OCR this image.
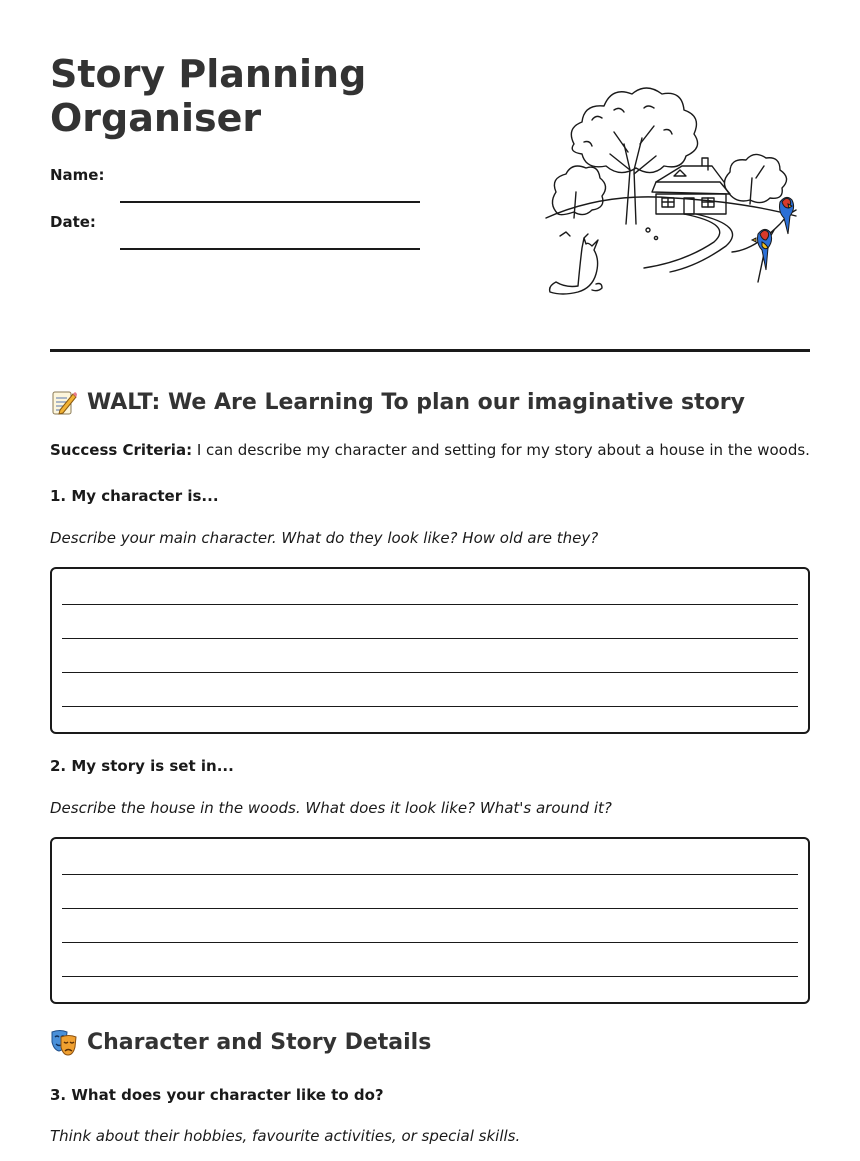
Story Planning Organiser
Name:
Date:
WALT: We Are Learning To plan our imaginative story
Success Criteria: I can describe my character and setting for my story about a house in the woods.
1. My character is...
Describe your main character. What do they look like? How old are they?
2. My story is set in...
Describe the house in the woods. What does it look like? What's around it?
Character and Story Details
3. What does your character like to do?
Think about their hobbies, favourite activities, or special skills.
